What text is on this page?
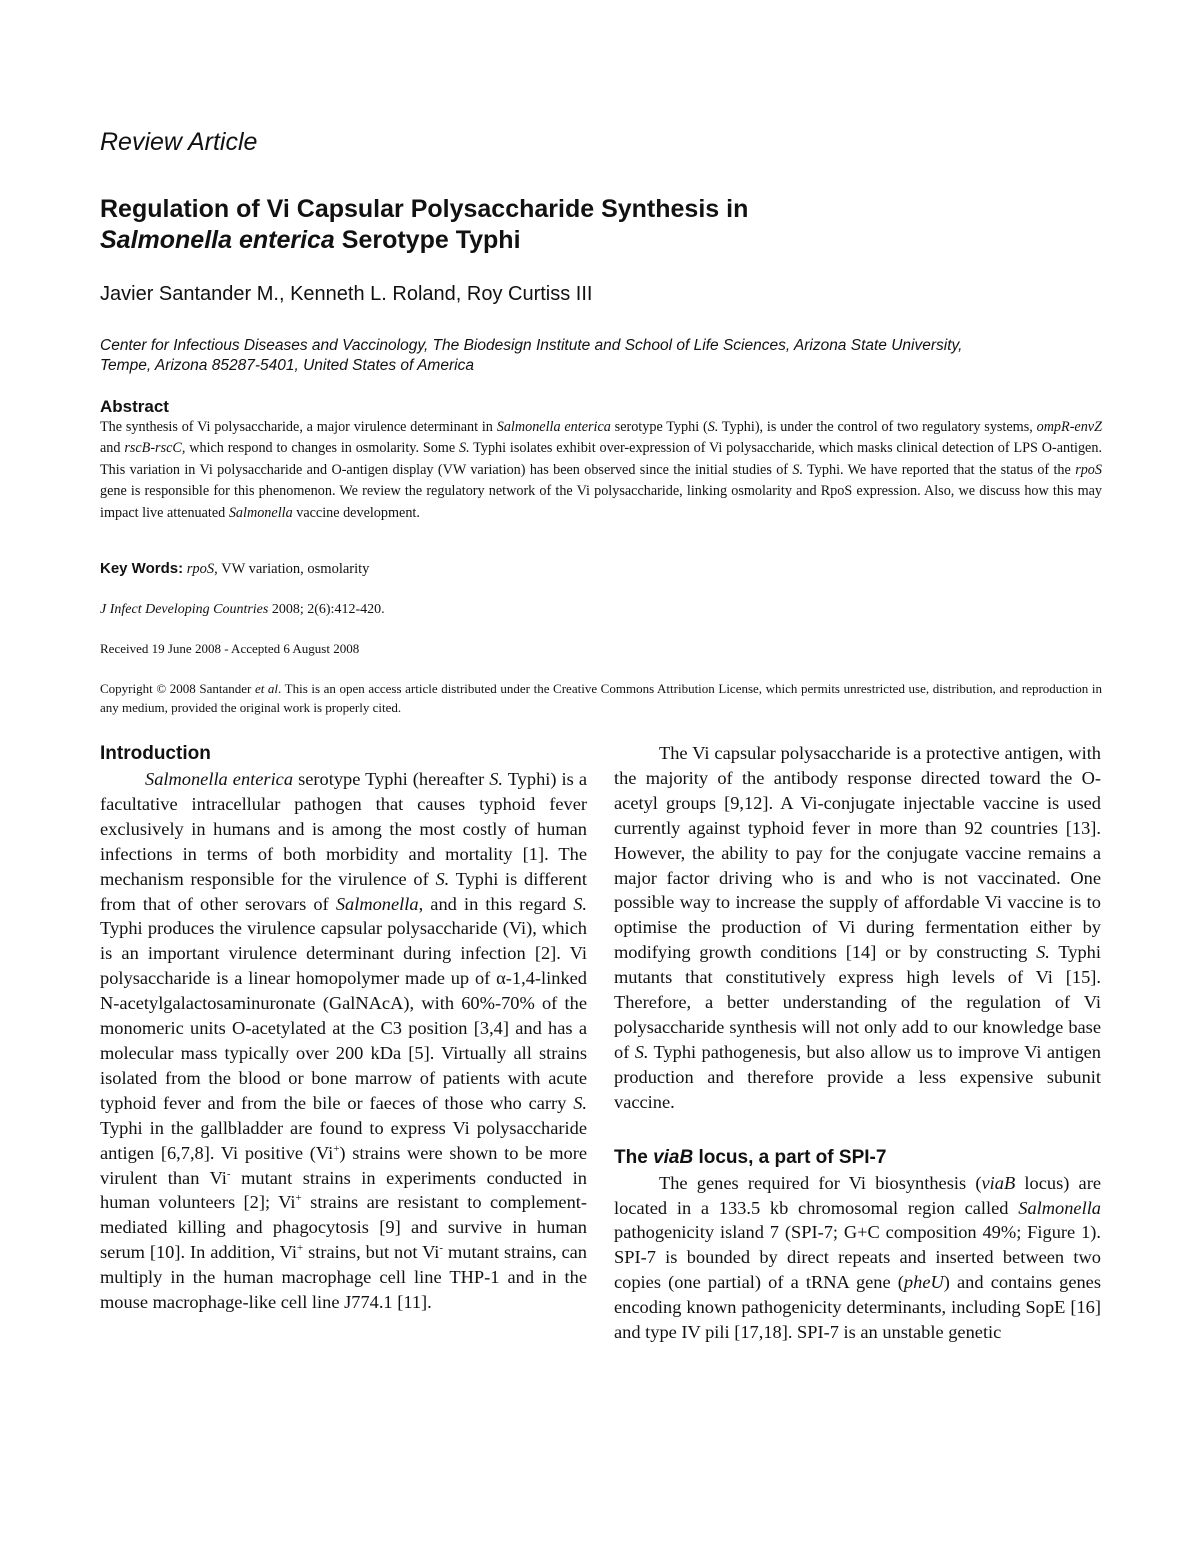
Review Article
Regulation of Vi Capsular Polysaccharide Synthesis in
Salmonella enterica Serotype Typhi
Javier Santander M., Kenneth L. Roland, Roy Curtiss III
Center for Infectious Diseases and Vaccinology, The Biodesign Institute and School of Life Sciences, Arizona State University,
Tempe, Arizona 85287-5401, United States of America
Abstract

The synthesis of Vi polysaccharide, a major virulence determinant in Salmonella enterica serotype Typhi (S. Typhi), is under the control of two regulatory systems, ompR-envZ and rscB-rscC, which respond to changes in osmolarity. Some S. Typhi isolates exhibit over-expression of Vi polysaccharide, which masks clinical detection of LPS O-antigen. This variation in Vi polysaccharide and O-antigen display (VW variation) has been observed since the initial studies of S. Typhi. We have reported that the status of the rpoS gene is responsible for this phenomenon. We review the regulatory network of the Vi polysaccharide, linking osmolarity and RpoS expression. Also, we discuss how this may impact live attenuated Salmonella vaccine development.

Key Words: rpoS, VW variation, osmolarity
J Infect Developing Countries 2008; 2(6):412-420.
Received 19 June 2008 - Accepted 6 August 2008
Copyright © 2008 Santander et al. This is an open access article distributed under the Creative Commons Attribution License, which permits unrestricted use, distribution, and reproduction in any medium, provided the original work is properly cited.
Introduction

Salmonella enterica serotype Typhi (hereafter S. Typhi) is a facultative intracellular pathogen that causes typhoid fever exclusively in humans and is among the most costly of human infections in terms of both morbidity and mortality [1]. The mechanism responsible for the virulence of S. Typhi is different from that of other serovars of Salmonella, and in this regard S. Typhi produces the virulence capsular polysaccharide (Vi), which is an important virulence determinant during infection [2]. Vi polysaccharide is a linear homopolymer made up of α-1,4-linked N-acetylgalactosaminuronate (GalNAcA), with 60%-70% of the monomeric units O-acetylated at the C3 position [3,4] and has a molecular mass typically over 200 kDa [5]. Virtually all strains isolated from the blood or bone marrow of patients with acute typhoid fever and from the bile or faeces of those who carry S. Typhi in the gallbladder are found to express Vi polysaccharide antigen [6,7,8]. Vi positive (Vi+) strains were shown to be more virulent than Vi- mutant strains in experiments conducted in human volunteers [2]; Vi+ strains are resistant to complement-mediated killing and phagocytosis [9] and survive in human serum [10]. In addition, Vi+ strains, but not Vi- mutant strains, can multiply in the human macrophage cell line THP-1 and in the mouse macrophage-like cell line J774.1 [11].

The Vi capsular polysaccharide is a protective antigen, with the majority of the antibody response directed toward the O-acetyl groups [9,12]. A Vi-conjugate injectable vaccine is used currently against typhoid fever in more than 92 countries [13]. However, the ability to pay for the conjugate vaccine remains a major factor driving who is and who is not vaccinated. One possible way to increase the supply of affordable Vi vaccine is to optimise the production of Vi during fermentation either by modifying growth conditions [14] or by constructing S. Typhi mutants that constitutively express high levels of Vi [15]. Therefore, a better understanding of the regulation of Vi polysaccharide synthesis will not only add to our knowledge base of S. Typhi pathogenesis, but also allow us to improve Vi antigen production and therefore provide a less expensive subunit vaccine.

The viaB locus, a part of SPI-7

The genes required for Vi biosynthesis (viaB locus) are located in a 133.5 kb chromosomal region called Salmonella pathogenicity island 7 (SPI-7; G+C composition 49%; Figure 1). SPI-7 is bounded by direct repeats and inserted between two copies (one partial) of a tRNA gene (pheU) and contains genes encoding known pathogenicity determinants, including SopE [16] and type IV pili [17,18]. SPI-7 is an unstable genetic
